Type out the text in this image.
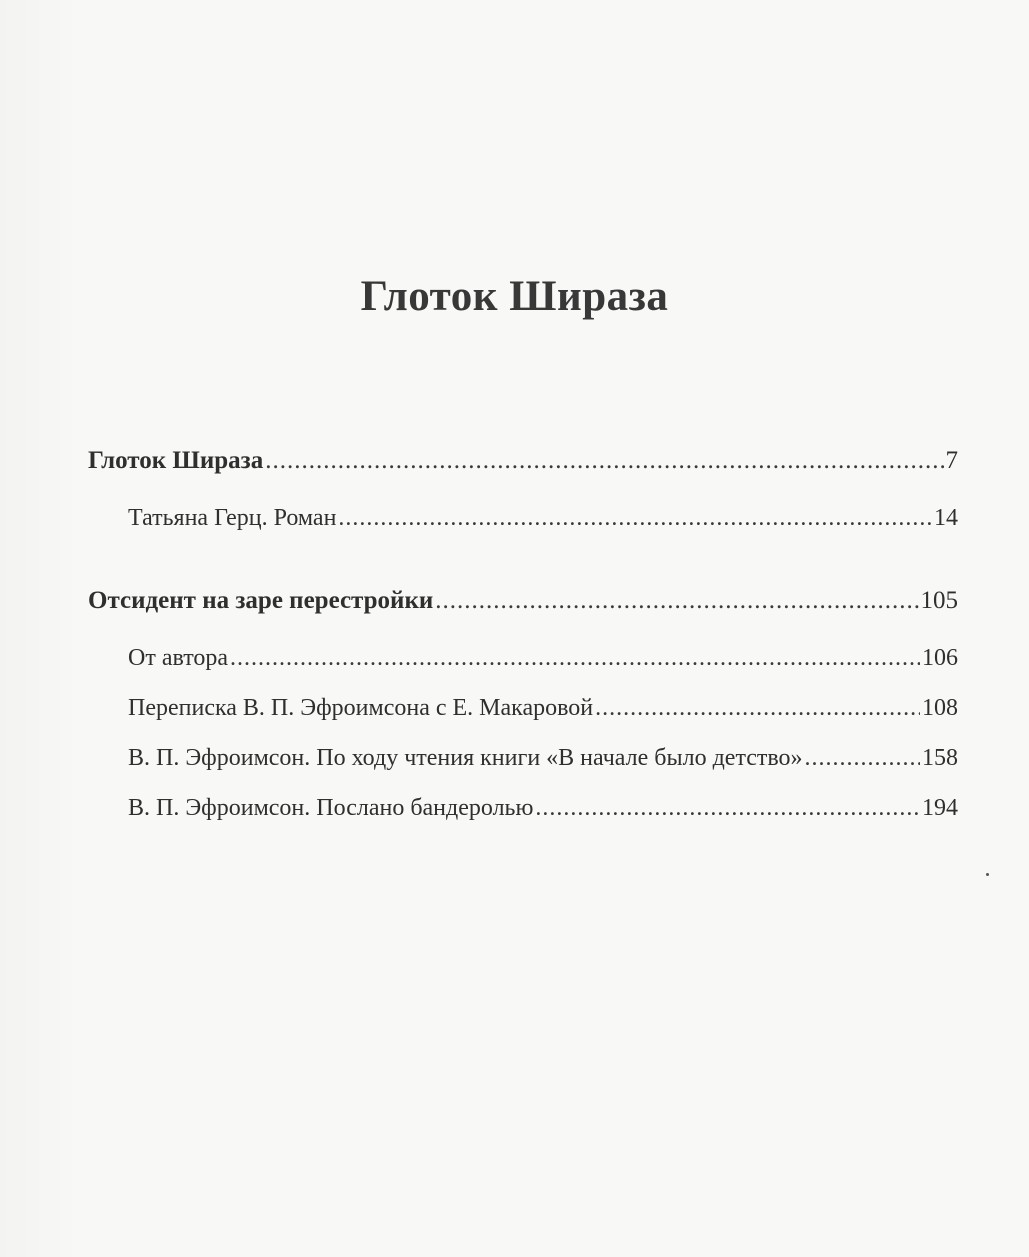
Глоток Шираза
Глоток Шираза .....	7
Татьяна Герц. Роман .....	14
Отсидент на заре перестройки .....	105
От автора .....	106
Переписка В. П. Эфроимсона с Е. Макаровой .....	108
В. П. Эфроимсон. По ходу чтения книги «В начале было детство» .....	158
В. П. Эфроимсон. Послано бандеролью .....	194
